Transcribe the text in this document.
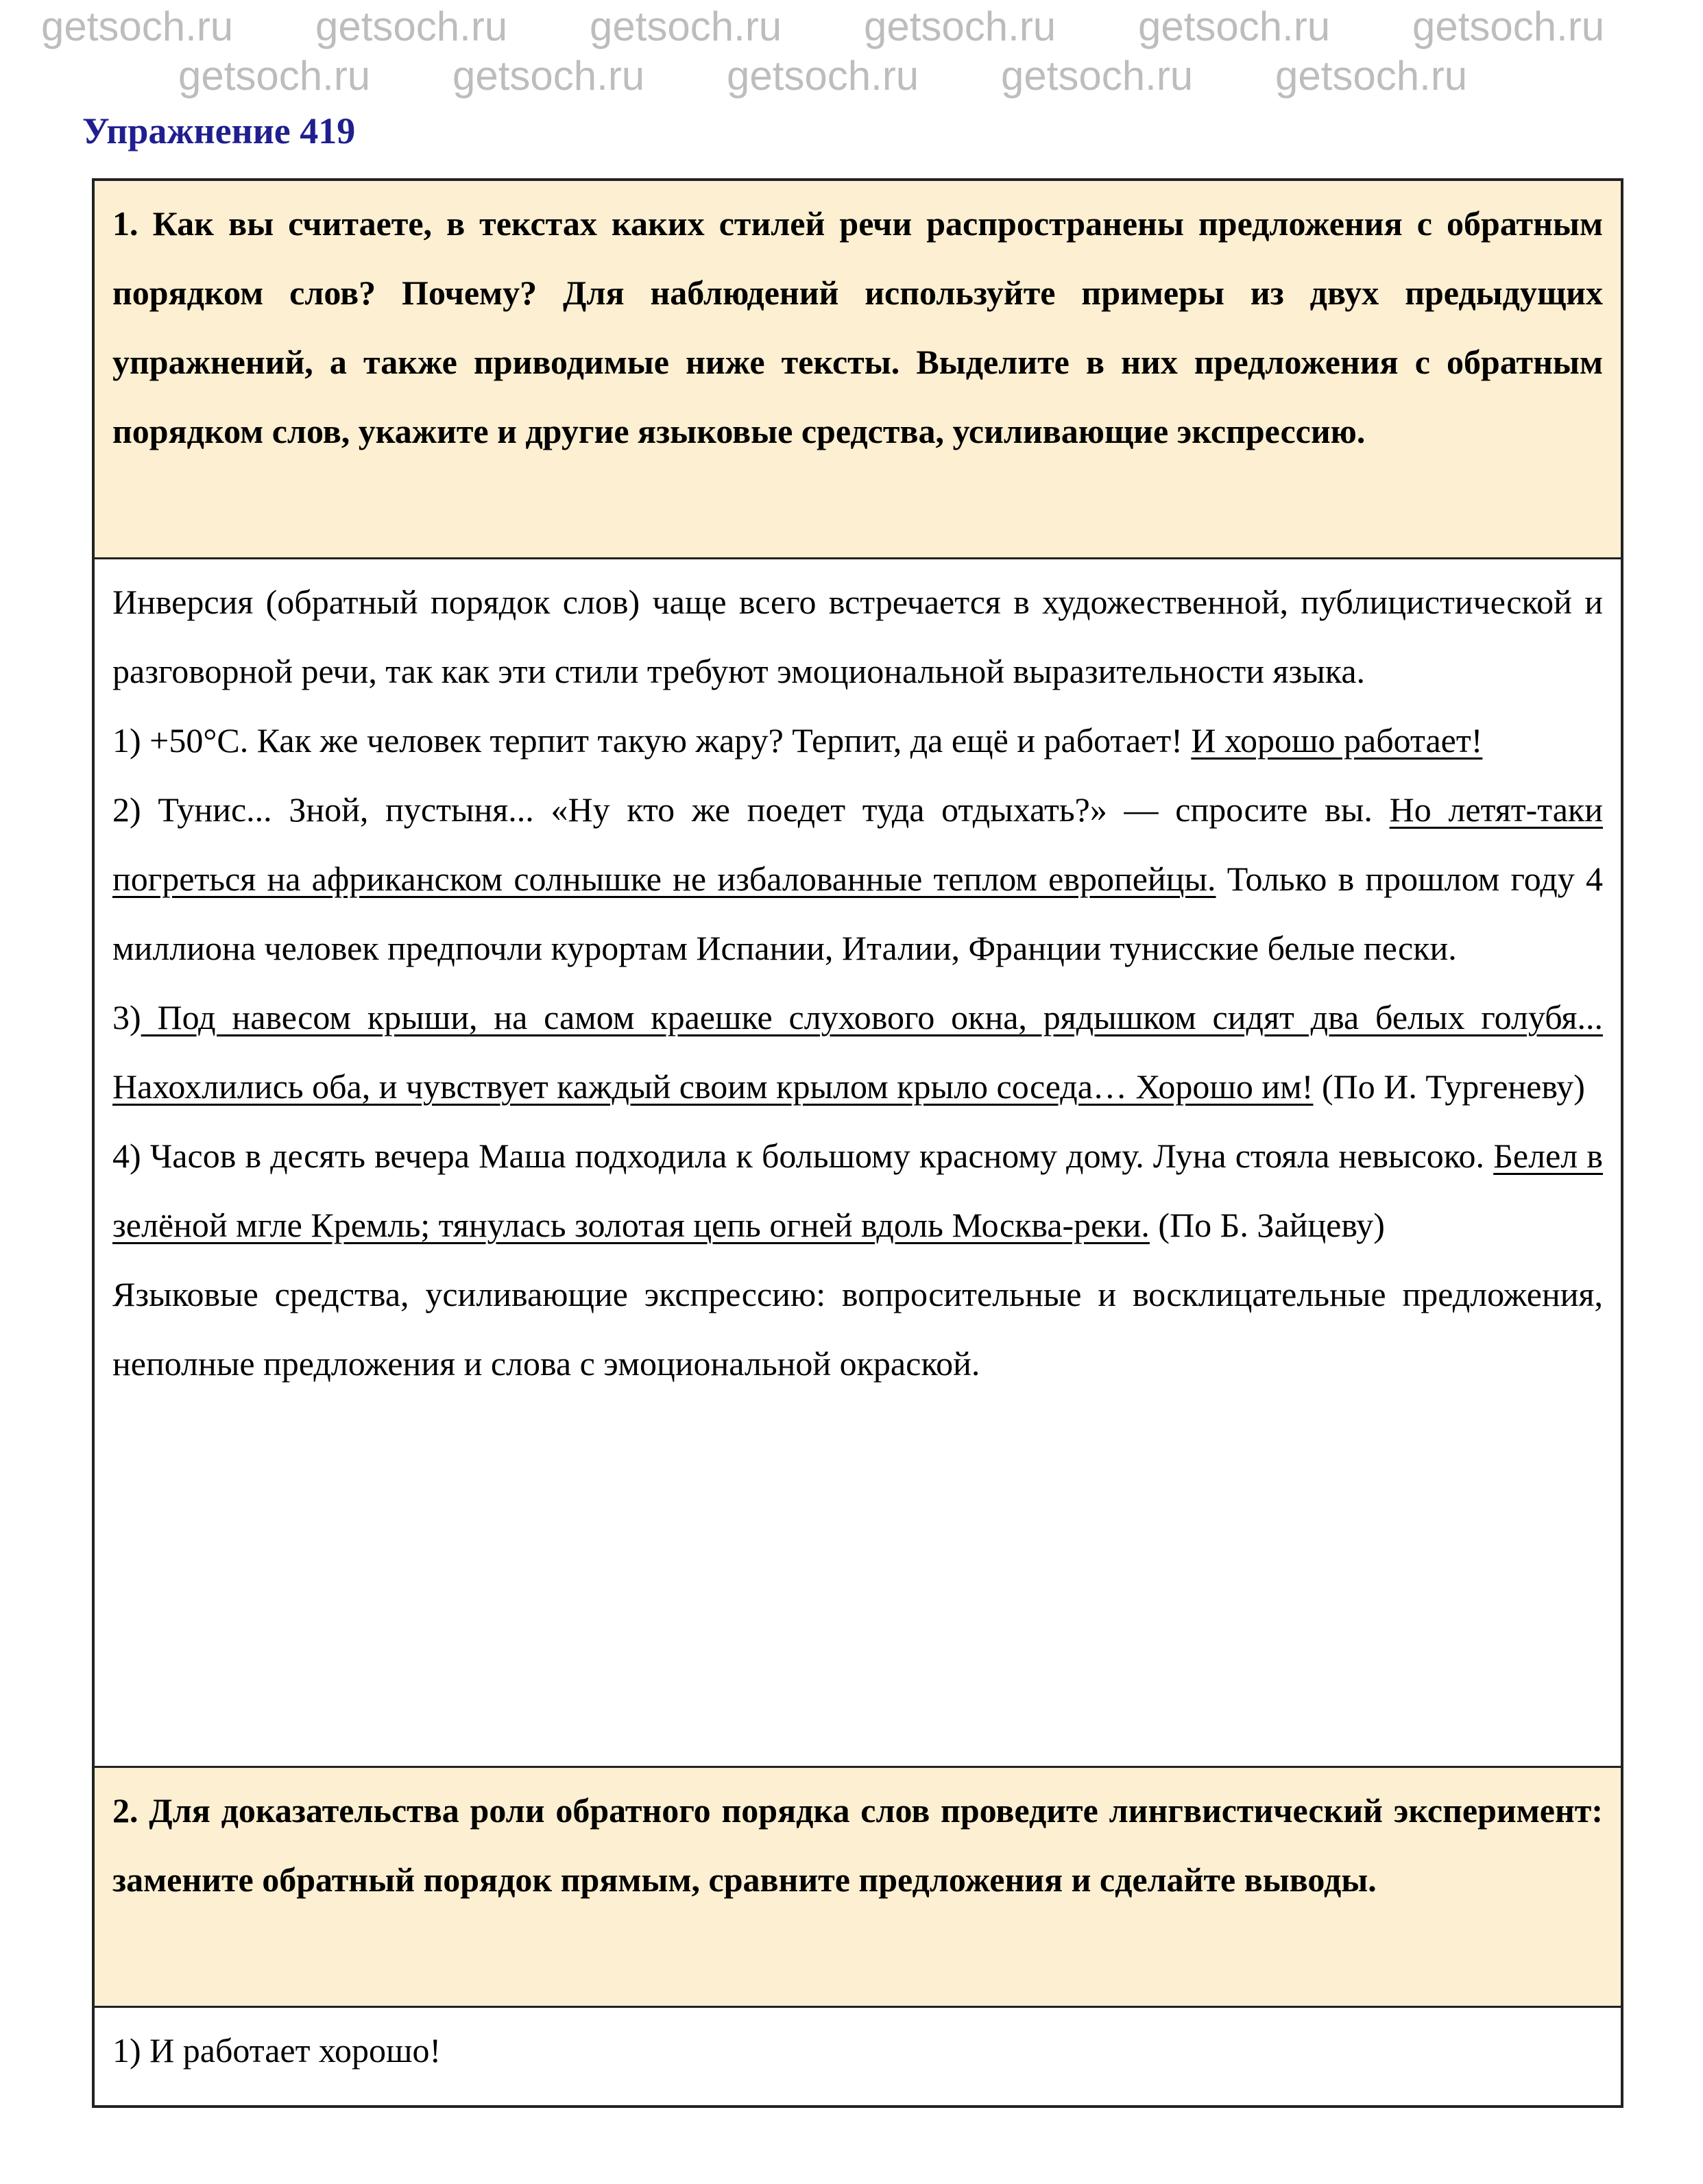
Упражнение 419

1. Как вы считаете, в текстах каких стилей речи распространены предложения с обратным порядком слов? Почему? Для наблюдений используйте примеры из двух предыдущих упражнений, а также приводимые ниже тексты. Выделите в них предложения с обратным порядком слов, укажите и другие языковые средства, усиливающие экспрессию.

Инверсия (обратный порядок слов) чаще всего встречается в художественной, публицистической и разговорной речи, так как эти стили требуют эмоциональной выразительности языка.

1) +50°С. Как же человек терпит такую жару? Терпит, да ещё и работает! И хорошо работает!

2) Тунис... Зной, пустыня... «Ну кто же поедет туда отдыхать?» — спросите вы. Но летят-таки погреться на африканском солнышке не избалованные теплом европейцы. Только в прошлом году 4 миллиона человек предпочли курортам Испании, Италии, Франции тунисские белые пески.

3) Под навесом крыши, на самом краешке слухового окна, рядышком сидят два белых голубя... Нахохлились оба, и чувствует каждый своим крылом крыло соседа… Хорошо им! (По И. Тургеневу)

4) Часов в десять вечера Маша подходила к большому красному дому. Луна стояла невысоко. Белел в зелёной мгле Кремль; тянулась золотая цепь огней вдоль Москва-реки. (По Б. Зайцеву)

Языковые средства, усиливающие экспрессию: вопросительные и восклицательные предложения, неполные предложения и слова с эмоциональной окраской.

2. Для доказательства роли обратного порядка слов проведите лингвистический эксперимент: замените обратный порядок прямым, сравните предложения и сделайте выводы.

1) И работает хорошо!

getsoch.ru getsoch.ru getsoch.ru getsoch.ru getsoch.ru getsoch.ru
getsoch.ru getsoch.ru getsoch.ru getsoch.ru getsoch.ru
